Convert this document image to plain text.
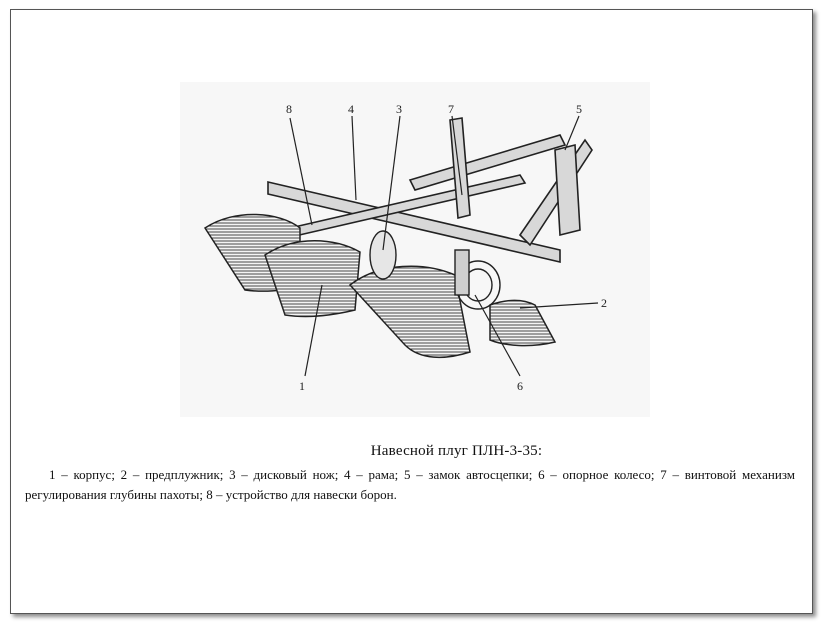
8	4	3	7	5
2
6
1
Навесной плуг ПЛН-3-35:
1 – корпус; 2 – предплужник; 3 – дисковый нож; 4 – рама; 5 – замок автосцепки; 6 – опорное колесо; 7 – винтовой механизм регулирования глубины пахоты; 8 – устройство для навески борон.
